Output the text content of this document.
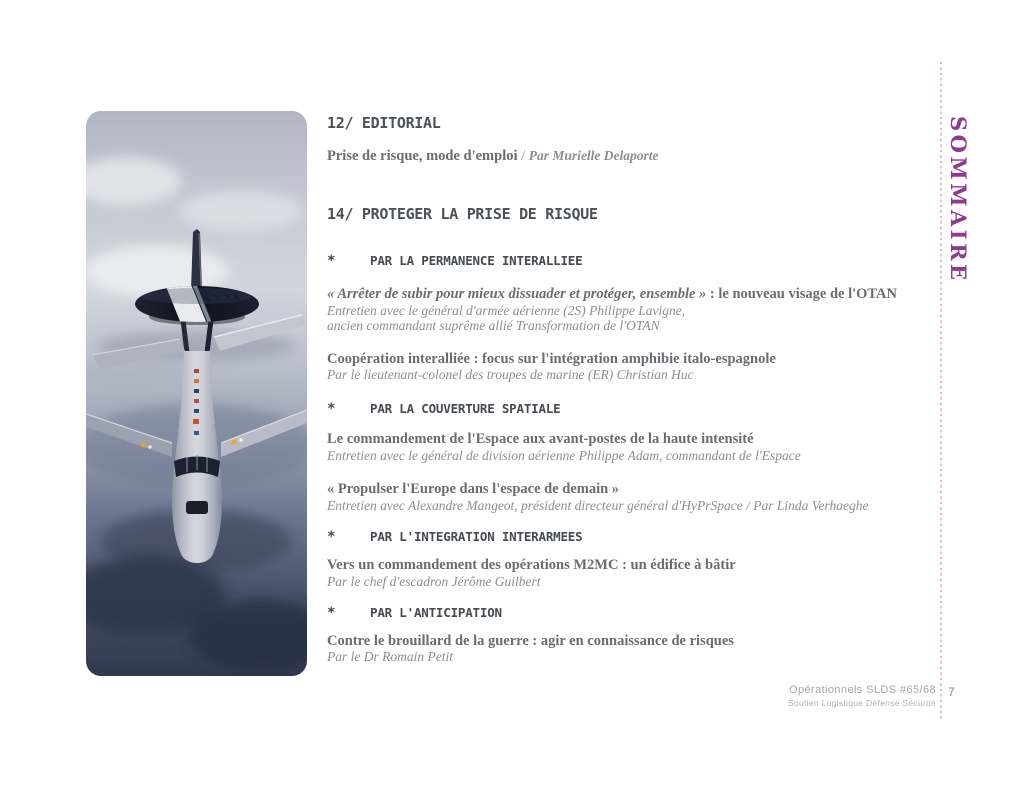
12/ EDITORIAL
Prise de risque, mode d'emploi / Par Murielle Delaporte
14/ PROTEGER LA PRISE DE RISQUE
*	PAR LA PERMANENCE INTERALLIEE
« Arrêter de subir pour mieux dissuader et protéger, ensemble » : le nouveau visage de l'OTAN
Entretien avec le général d'armée aérienne (2S) Philippe Lavigne,
ancien commandant suprême allié Transformation de l'OTAN
Coopération interalliée : focus sur l'intégration amphibie italo-espagnole
Par le lieutenant-colonel des troupes de marine (ER) Christian Huc
*	PAR LA COUVERTURE SPATIALE
Le commandement de l'Espace aux avant-postes de la haute intensité
Entretien avec le général de division aérienne Philippe Adam, commandant de l'Espace
« Propulser l'Europe dans l'espace de demain »
Entretien avec Alexandre Mangeot, président directeur général d'HyPrSpace / Par Linda Verhaeghe
*	PAR L'INTEGRATION INTERARMEES
Vers un commandement des opérations M2MC : un édifice à bâtir
Par le chef d'escadron Jérôme Guilbert
*	PAR L'ANTICIPATION
Contre le brouillard de la guerre : agir en connaissance de risques
Par le Dr Romain Petit
SOMMAIRE
Opérationnels SLDS #65/68
Soutien Logistique Défense Sécurité
7
